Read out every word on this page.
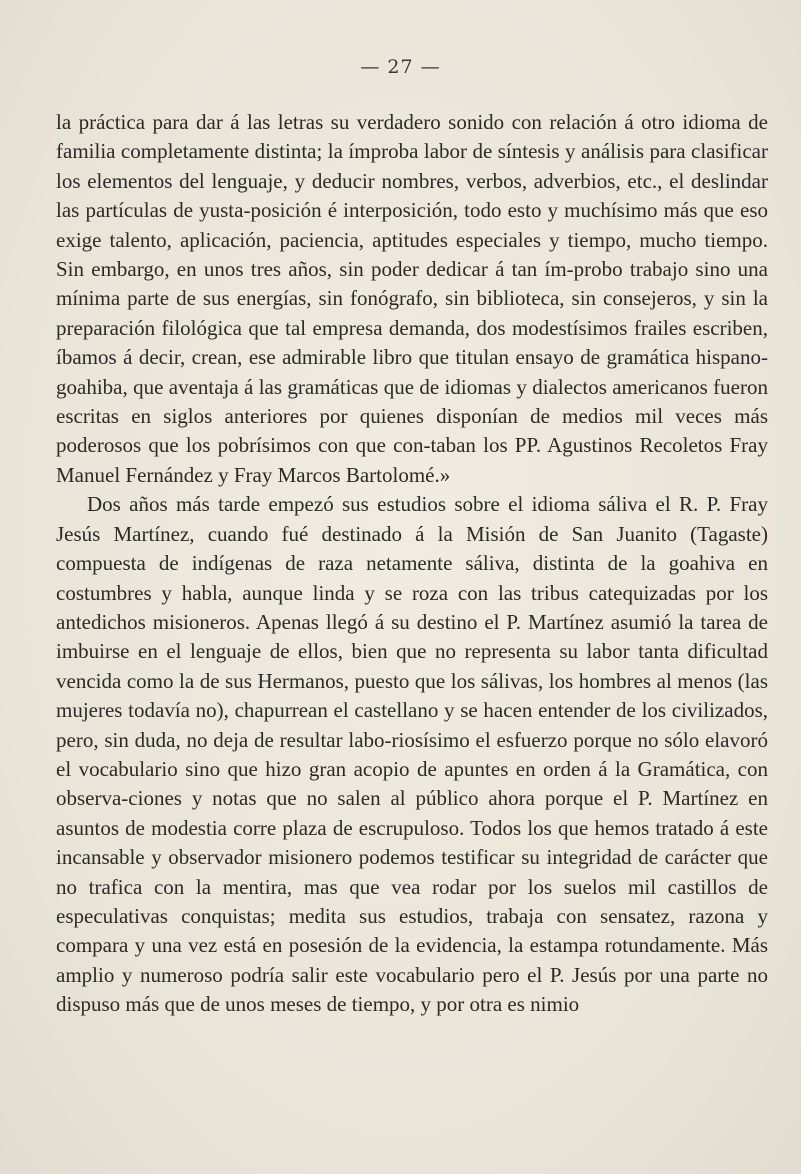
— 27 —

la práctica para dar á las letras su verdadero sonido con relación á otro idioma de familia completamente distinta; la ímproba labor de síntesis y análisis para clasificar los elementos del lenguaje, y deducir nombres, verbos, adverbios, etc., el deslindar las partículas de yusta-posición é interposición, todo esto y muchísimo más que eso exige talento, aplicación, paciencia, aptitudes especiales y tiempo, mucho tiempo. Sin embargo, en unos tres años, sin poder dedicar á tan ím-probo trabajo sino una mínima parte de sus energías, sin fonógrafo, sin biblioteca, sin consejeros, y sin la preparación filológica que tal empresa demanda, dos modestísimos frailes escriben, íbamos á decir, crean, ese admirable libro que titulan ensayo de gramática hispano-goahiba, que aventaja á las gramáticas que de idiomas y dialectos americanos fueron escritas en siglos anteriores por quienes disponían de medios mil veces más poderosos que los pobrísimos con que con-taban los PP. Agustinos Recoletos Fray Manuel Fernández y Fray Marcos Bartolomé.»

Dos años más tarde empezó sus estudios sobre el idioma sáliva el R. P. Fray Jesús Martínez, cuando fué destinado á la Misión de San Juanito (Tagaste) compuesta de indígenas de raza netamente sáliva, distinta de la goahiva en costumbres y habla, aunque linda y se roza con las tribus catequizadas por los antedichos misioneros. Apenas llegó á su destino el P. Martínez asumió la tarea de imbuirse en el lenguaje de ellos, bien que no representa su labor tanta dificultad vencida como la de sus Hermanos, puesto que los sálivas, los hombres al menos (las mujeres todavía no), chapurrean el castellano y se hacen entender de los civilizados, pero, sin duda, no deja de resultar labo-riosísimo el esfuerzo porque no sólo elavoró el vocabulario sino que hizo gran acopio de apuntes en orden á la Gramática, con observa-ciones y notas que no salen al público ahora porque el P. Martínez en asuntos de modestia corre plaza de escrupuloso. Todos los que hemos tratado á este incansable y observador misionero podemos testificar su integridad de carácter que no trafica con la mentira, mas que vea rodar por los suelos mil castillos de especulativas conquistas; medita sus estudios, trabaja con sensatez, razona y compara y una vez está en posesión de la evidencia, la estampa rotundamente. Más amplio y numeroso podría salir este vocabulario pero el P. Jesús por una parte no dispuso más que de unos meses de tiempo, y por otra es nimio
